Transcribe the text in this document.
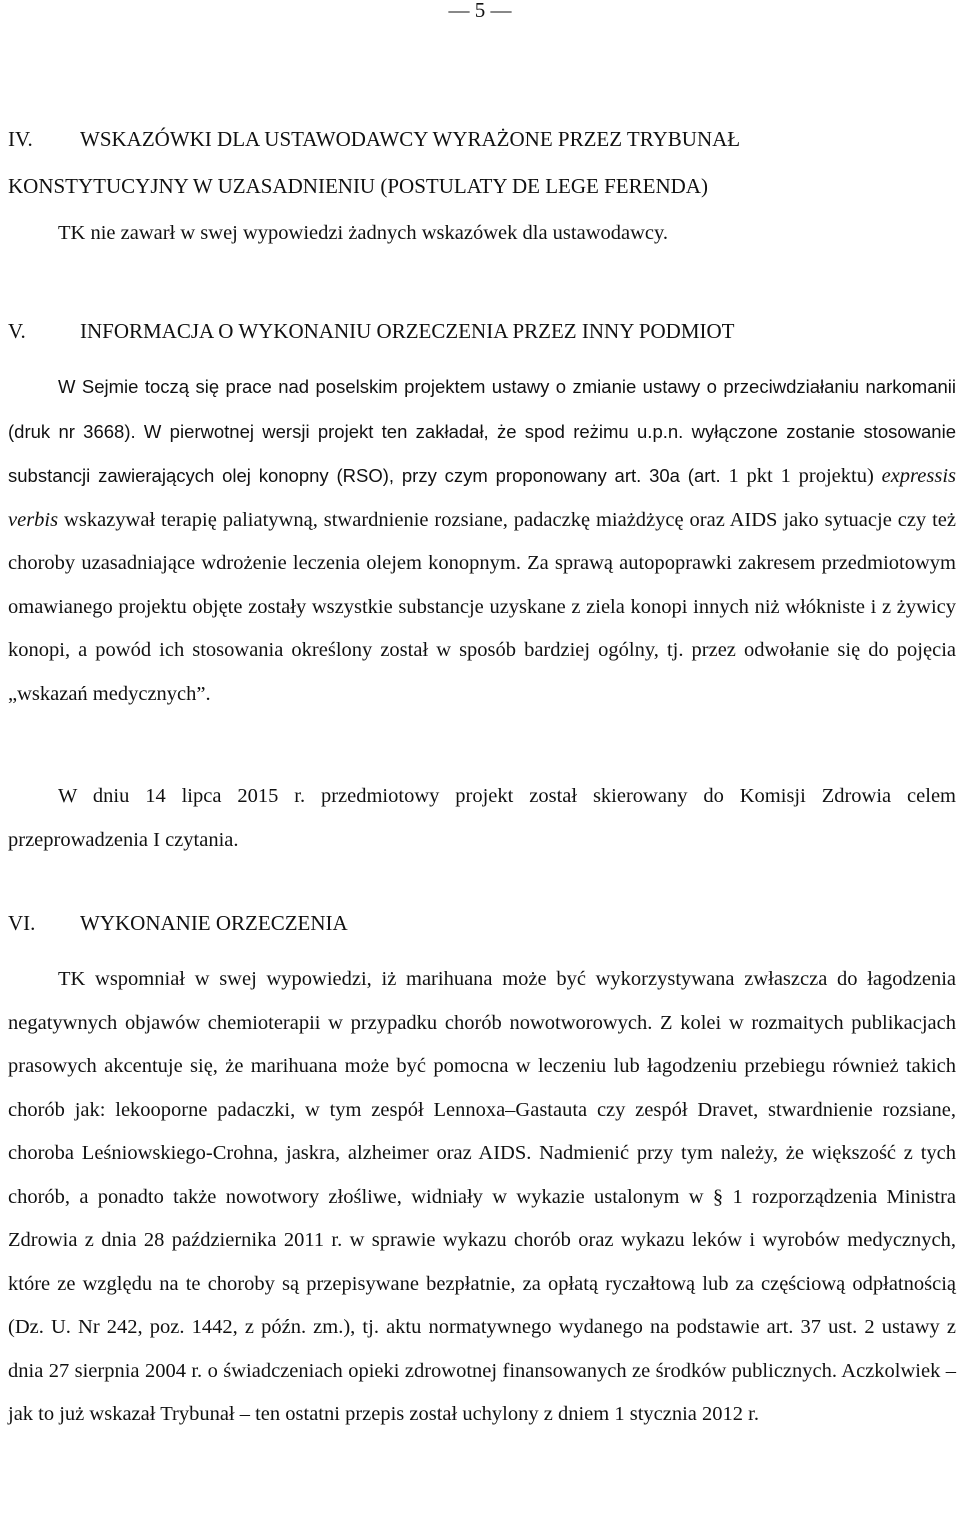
— 5 —
IV. WSKAZÓWKI DLA USTAWODAWCY WYRAŻONE PRZEZ TRYBUNAŁ
KONSTYTUCYJNY W UZASADNIENIU (POSTULATY DE LEGE FERENDA)
TK nie zawarł w swej wypowiedzi żadnych wskazówek dla ustawodawcy.
V.	INFORMACJA O WYKONANIU ORZECZENIA PRZEZ INNY PODMIOT
W Sejmie toczą się prace nad poselskim projektem ustawy o zmianie ustawy o przeciwdziałaniu narkomanii (druk nr 3668). W pierwotnej wersji projekt ten zakładał, że spod reżimu u.p.n. wyłączone zostanie stosowanie substancji zawierających olej konopny (RSO), przy czym proponowany art. 30a (art. 1 pkt 1 projektu) expressis verbis wskazywał terapię paliatywną, stwardnienie rozsiane, padaczkę miażdżycę oraz AIDS jako sytuacje czy też choroby uzasadniające wdrożenie leczenia olejem konopnym. Za sprawą autopoprawki zakresem przedmiotowym omawianego projektu objęte zostały wszystkie substancje uzyskane z ziela konopi innych niż włókniste i z żywicy konopi, a powód ich stosowania określony został w sposób bardziej ogólny, tj. przez odwołanie się do pojęcia „wskazań medycznych”.
W dniu 14 lipca 2015 r. przedmiotowy projekt został skierowany do Komisji Zdrowia celem przeprowadzenia I czytania.
VI. WYKONANIE ORZECZENIA
TK wspomniał w swej wypowiedzi, iż marihuana może być wykorzystywana zwłaszcza do łagodzenia negatywnych objawów chemioterapii w przypadku chorób nowotworowych. Z kolei w rozmaitych publikacjach prasowych akcentuje się, że marihuana może być pomocna w leczeniu lub łagodzeniu przebiegu również takich chorób jak: lekooporne padaczki, w tym zespół Lennoxa–Gastauta czy zespół Dravet, stwardnienie rozsiane, choroba Leśniowskiego-Crohna, jaskra, alzheimer oraz AIDS. Nadmienić przy tym należy, że większość z tych chorób, a ponadto także nowotwory złośliwe, widniały w wykazie ustalonym w § 1 rozporządzenia Ministra Zdrowia z dnia 28 października 2011 r. w sprawie wykazu chorób oraz wykazu leków i wyrobów medycznych, które ze względu na te choroby są przepisywane bezpłatnie, za opłatą ryczałtową lub za częściową odpłatnością (Dz. U. Nr 242, poz. 1442, z późn. zm.), tj. aktu normatywnego wydanego na podstawie art. 37 ust. 2 ustawy z dnia 27 sierpnia 2004 r. o świadczeniach opieki zdrowotnej finansowanych ze środków publicznych. Aczkolwiek – jak to już wskazał Trybunał – ten ostatni przepis został uchylony z dniem 1 stycznia 2012 r.
